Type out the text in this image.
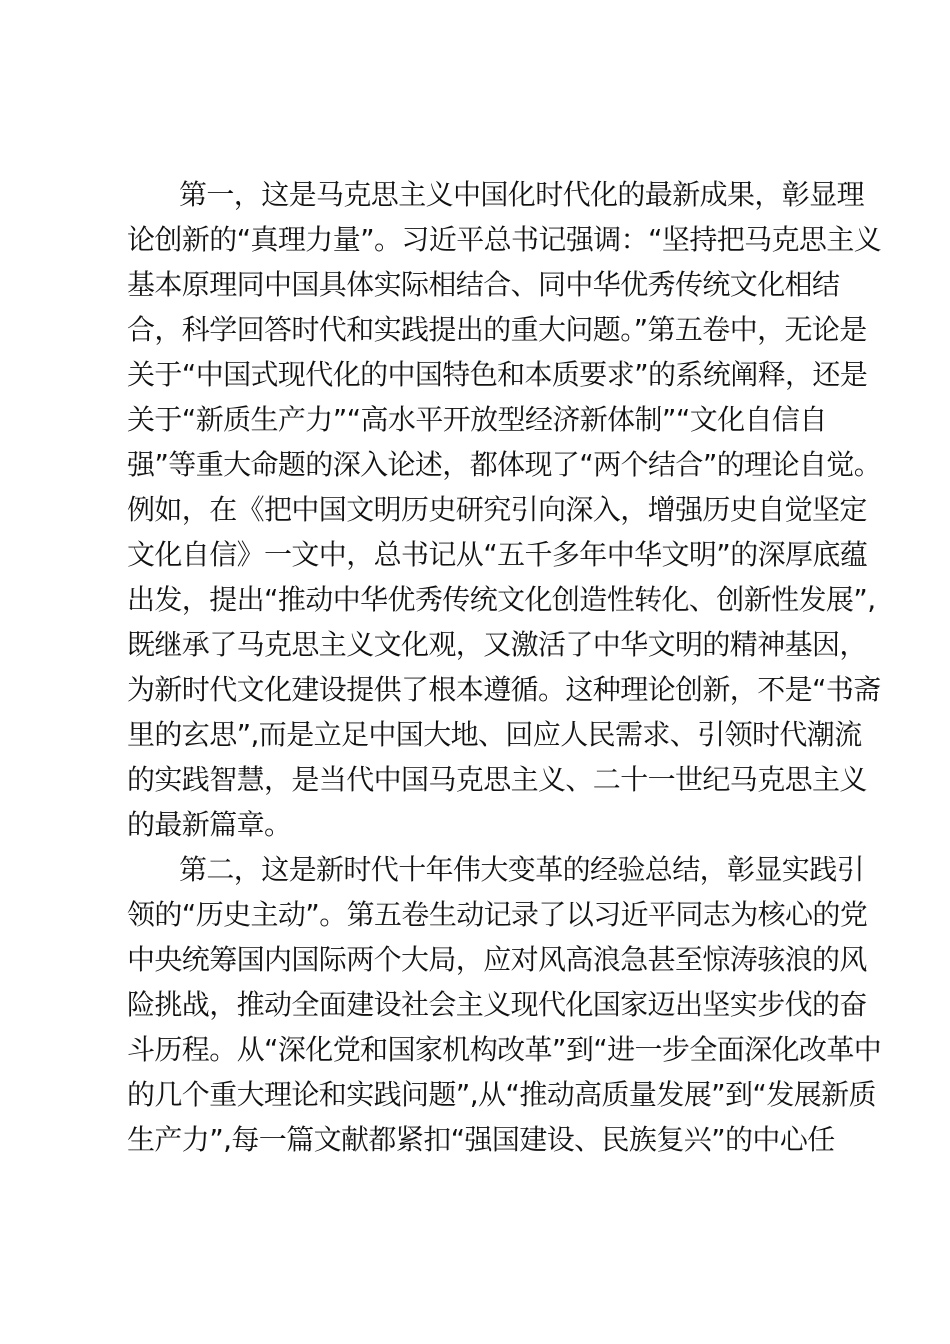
第一，这是马克思主义中国化时代化的最新成果，彰显理
论创新的“真理力量”。习近平总书记强调：“坚持把马克思主义
基本原理同中国具体实际相结合、同中华优秀传统文化相结
合，科学回答时代和实践提出的重大问题。”第五卷中，无论是
关于“中国式现代化的中国特色和本质要求”的系统阐释，还是
关于“新质生产力”“高水平开放型经济新体制”“文化自信自
强”等重大命题的深入论述，都体现了“两个结合”的理论自觉。
例如，在《把中国文明历史研究引向深入，增强历史自觉坚定
文化自信》一文中，总书记从“五千多年中华文明”的深厚底蕴
出发，提出“推动中华优秀传统文化创造性转化、创新性发展”,
既继承了马克思主义文化观，又激活了中华文明的精神基因，
为新时代文化建设提供了根本遵循。这种理论创新，不是“书斋
里的玄思”,而是立足中国大地、回应人民需求、引领时代潮流
的实践智慧，是当代中国马克思主义、二十一世纪马克思主义
的最新篇章。
第二，这是新时代十年伟大变革的经验总结，彰显实践引
领的“历史主动”。第五卷生动记录了以习近平同志为核心的党
中央统筹国内国际两个大局，应对风高浪急甚至惊涛骇浪的风
险挑战，推动全面建设社会主义现代化国家迈出坚实步伐的奋
斗历程。从“深化党和国家机构改革”到“进一步全面深化改革中
的几个重大理论和实践问题”,从“推动高质量发展”到“发展新质
生产力”,每一篇文献都紧扣“强国建设、民族复兴”的中心任
